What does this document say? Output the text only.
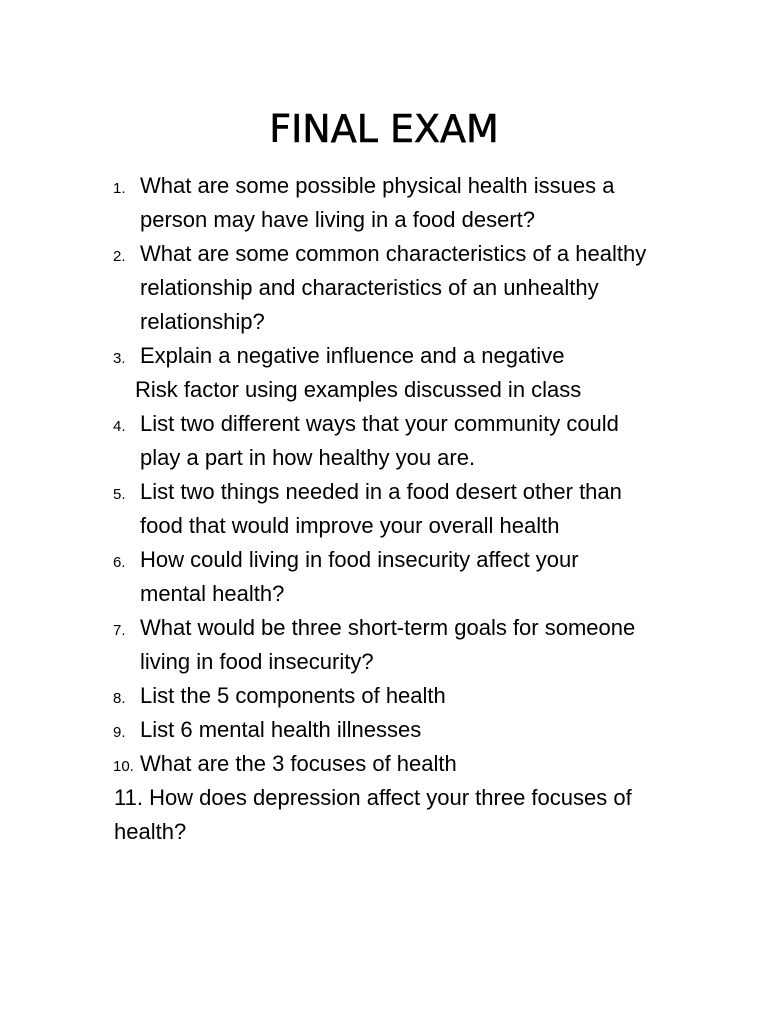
FINAL EXAM
1. What are some possible physical health issues a
person may have living in a food desert?
2. What are some common characteristics of a healthy
relationship and characteristics of an unhealthy
relationship?
3. Explain a negative influence and a negative
Risk factor using examples discussed in class
4. List two different ways that your community could
play a part in how healthy you are.
5. List two things needed in a food desert other than
food that would improve your overall health
6. How could living in food insecurity affect your
mental health?
7. What would be three short-term goals for someone
living in food insecurity?
8. List the 5 components of health
9. List 6 mental health illnesses
10. What are the 3 focuses of health
11. How does depression affect your three focuses of
health?
